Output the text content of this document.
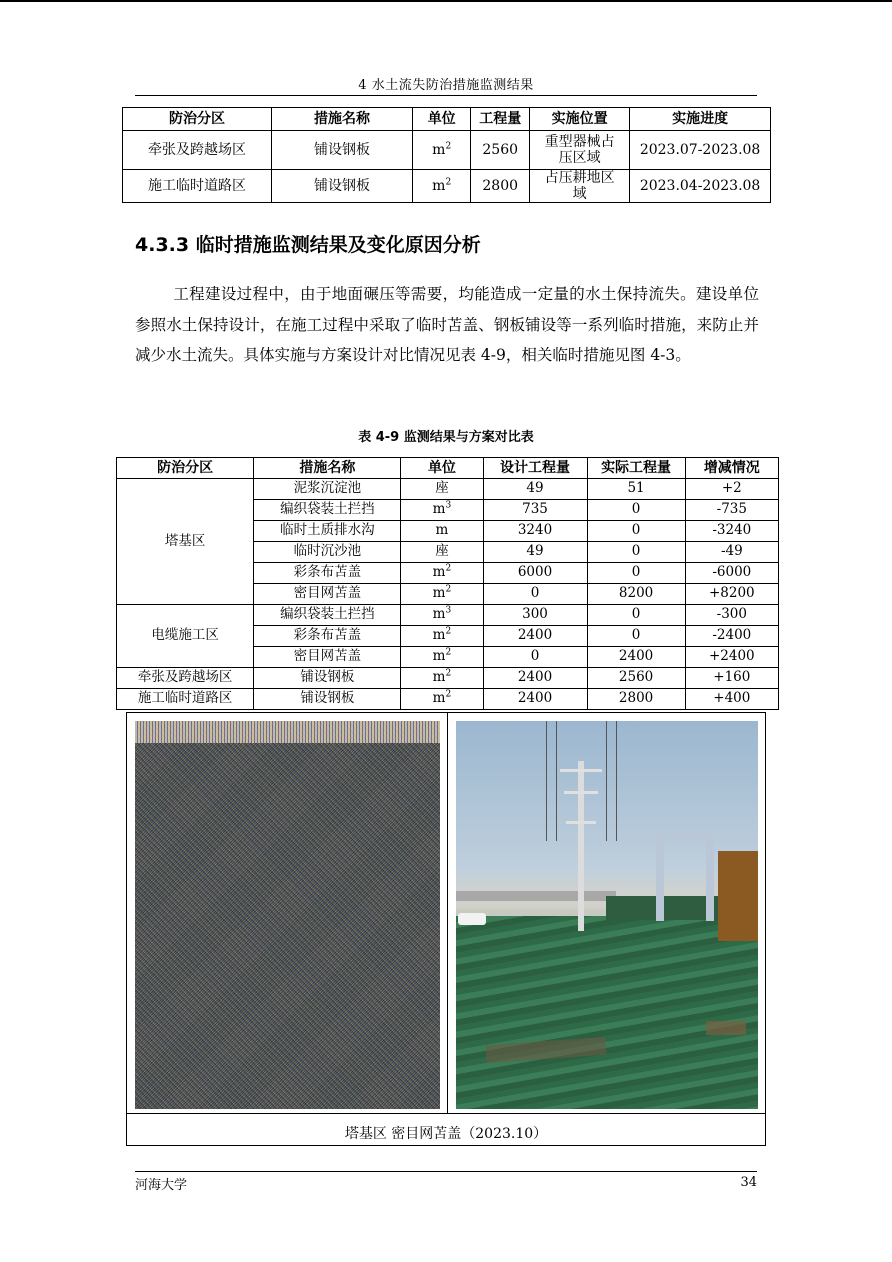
4 水土流失防治措施监测结果
防治分区	措施名称	单位	工程量	实施位置	实施进度
牵张及跨越场区	铺设钢板	$m^2$	2560	重型器械占压区域	2023.07-2023.08
施工临时道路区	铺设钢板	$m^2$	2800	占压耕地区域	2023.04-2023.08
4.3.3 临时措施监测结果及变化原因分析
工程建设过程中，由于地面碾压等需要，均能造成一定量的水土保持流失。建设单位参照水土保持设计，在施工过程中采取了临时苫盖、钢板铺设等一系列临时措施，来防止并减少水土流失。具体实施与方案设计对比情况见表 4-9，相关临时措施见图 4-3。
表 4-9 监测结果与方案对比表
防治分区	措施名称	单位	设计工程量	实际工程量	增减情况
塔基区	泥浆沉淀池	座	49	51	+2
	编织袋装土拦挡	$m^3$	735	0	-735
	临时土质排水沟	m	3240	0	-3240
	临时沉沙池	座	49	0	-49
	彩条布苫盖	$m^2$	6000	0	-6000
	密目网苫盖	$m^2$	0	8200	+8200
电缆施工区	编织袋装土拦挡	$m^3$	300	0	-300
	彩条布苫盖	$m^2$	2400	0	-2400
	密目网苫盖	$m^2$	0	2400	+2400
牵张及跨越场区	铺设钢板	$m^2$	2400	2560	+160
施工临时道路区	铺设钢板	$m^2$	2400	2800	+400
塔基区 密目网苫盖（2023.10）
河海大学	34
